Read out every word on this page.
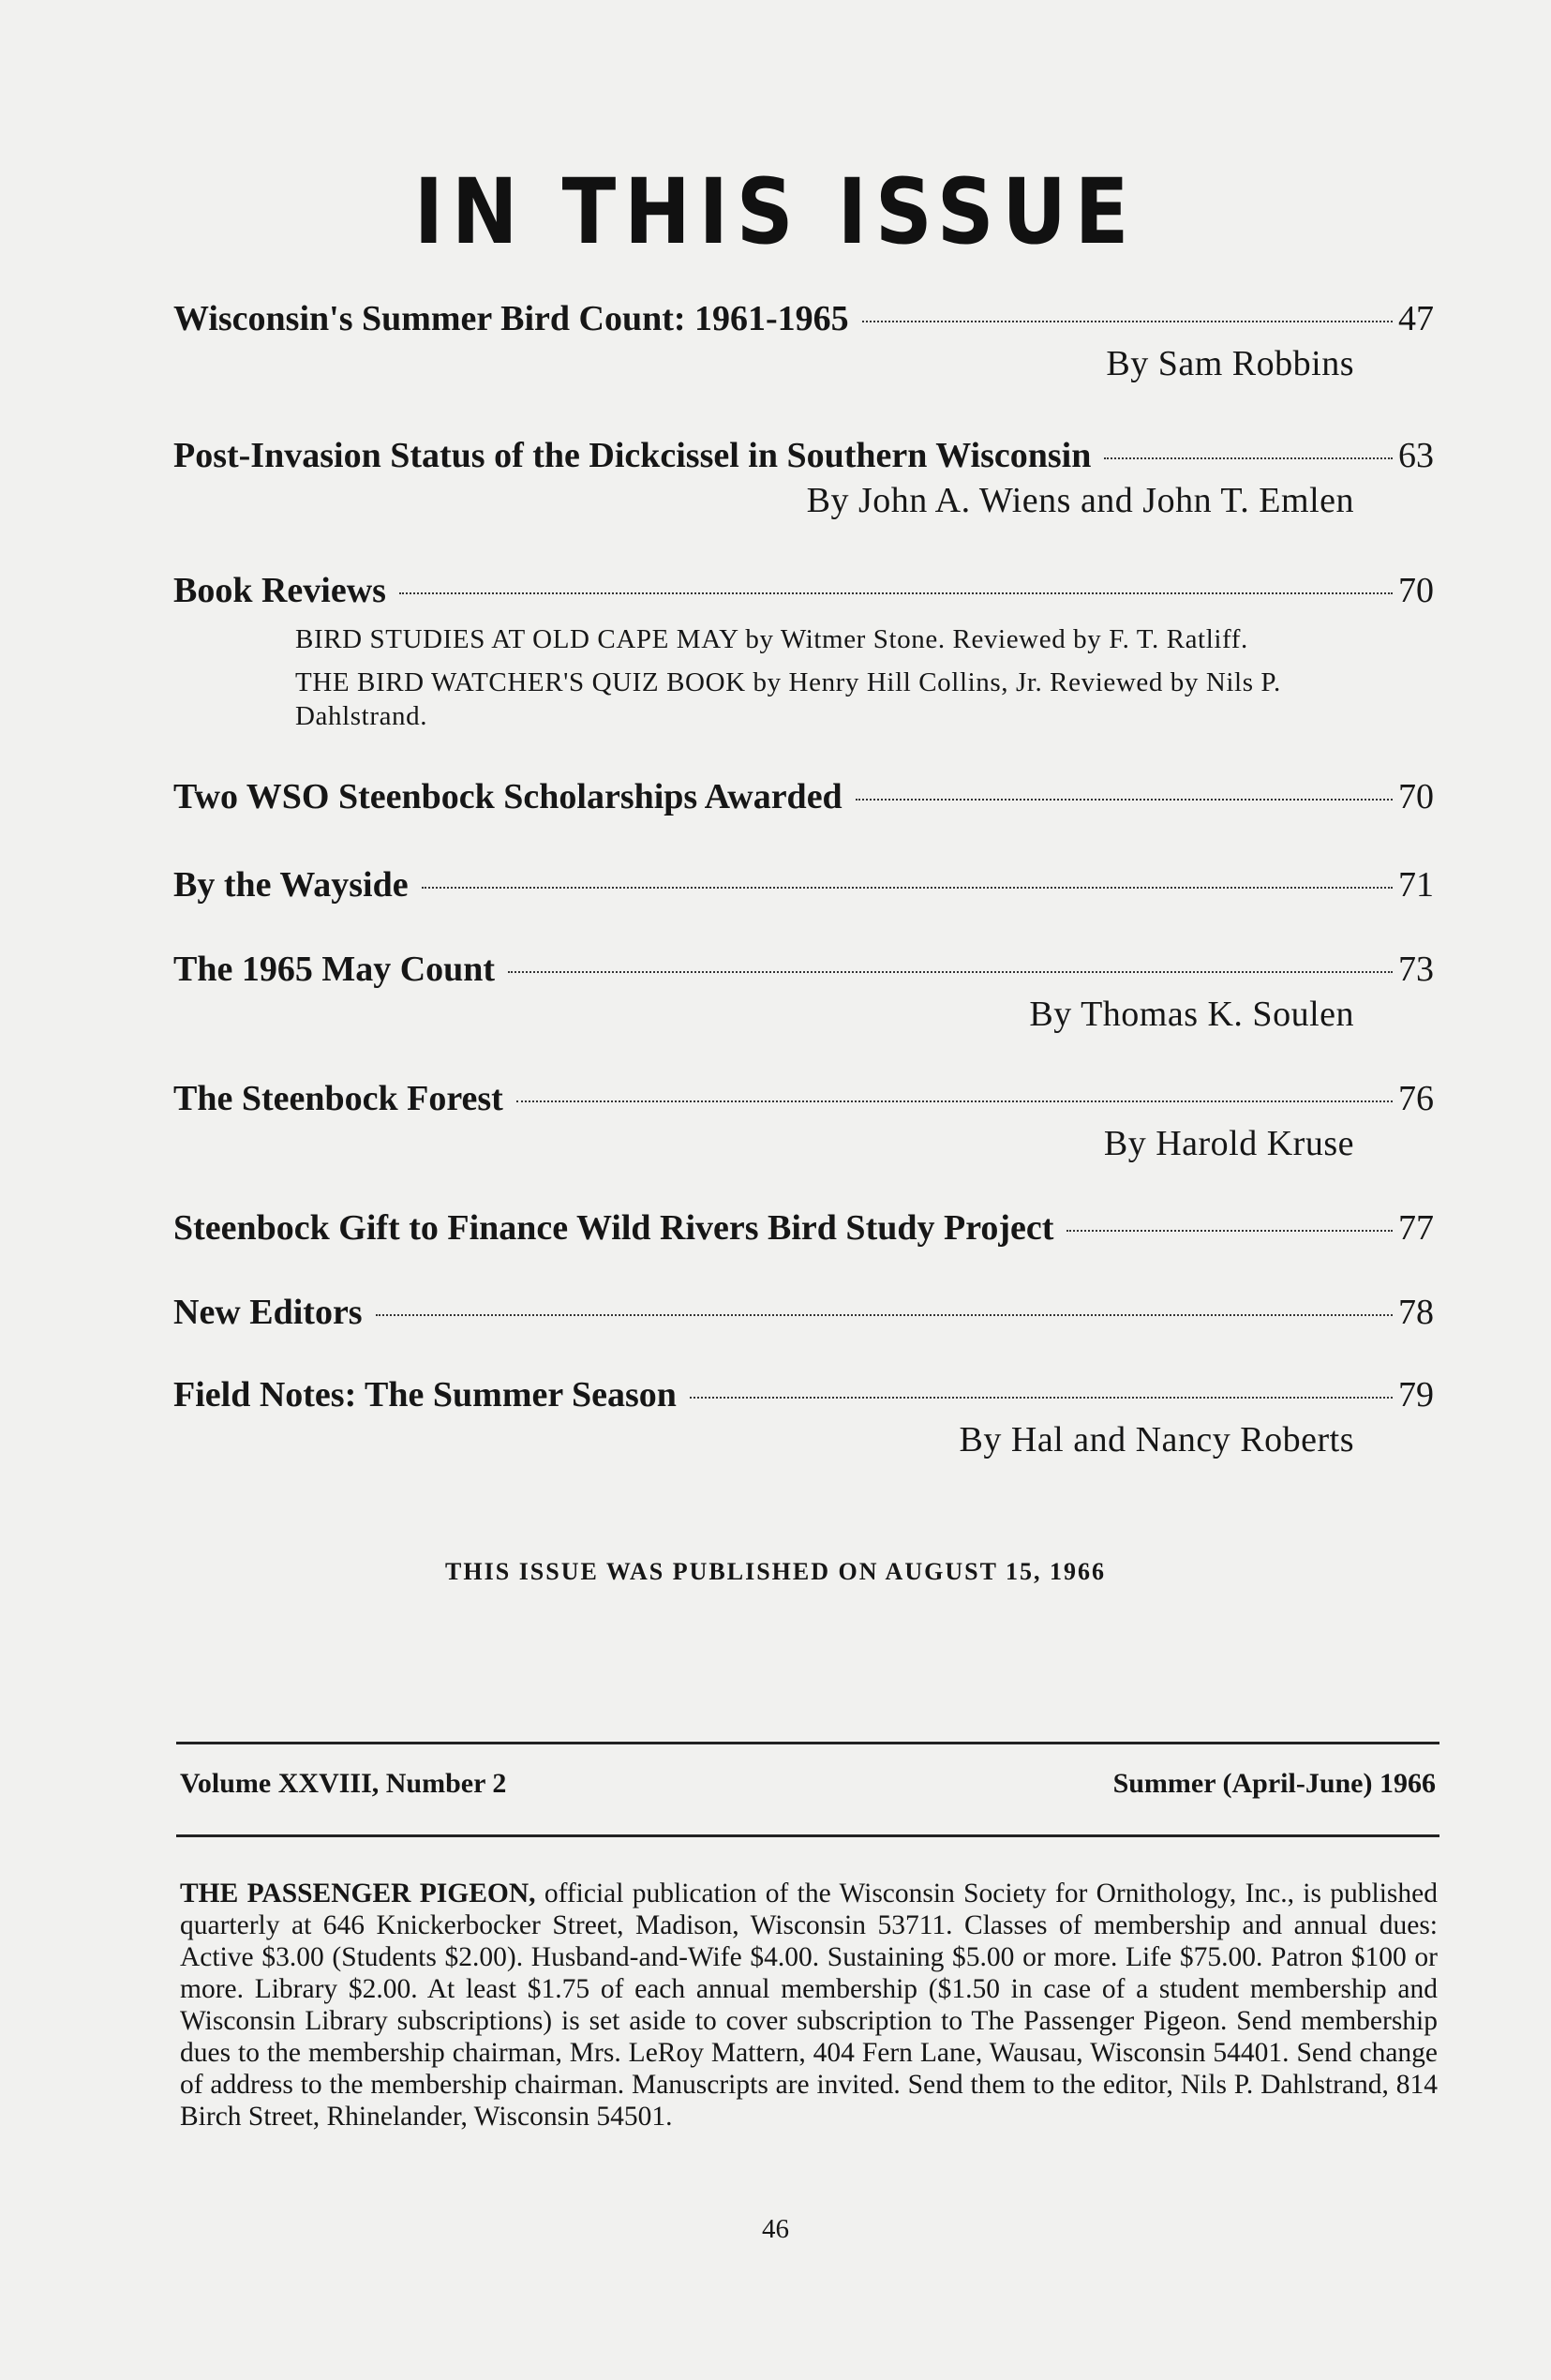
IN THIS ISSUE
Wisconsin's Summer Bird Count: 1961-1965	47
By Sam Robbins
Post-Invasion Status of the Dickcissel in Southern Wisconsin	63
By John A. Wiens and John T. Emlen
Book Reviews	70

BIRD STUDIES AT OLD CAPE MAY by Witmer Stone. Reviewed by F. T. Ratliff.

THE BIRD WATCHER'S QUIZ BOOK by Henry Hill Collins, Jr. Reviewed by Nils P. Dahlstrand.

Two WSO Steenbock Scholarships Awarded	70
By the Wayside	71
The 1965 May Count	73
By Thomas K. Soulen
The Steenbock Forest	76
By Harold Kruse
Steenbock Gift to Finance Wild Rivers Bird Study Project	77
New Editors	78
Field Notes: The Summer Season	79
By Hal and Nancy Roberts
THIS ISSUE WAS PUBLISHED ON AUGUST 15, 1966
Volume XXVIII, Number 2	Summer (April-June) 1966
THE PASSENGER PIGEON, official publication of the Wisconsin Society for Ornithology, Inc., is published quarterly at 646 Knickerbocker Street, Madison, Wisconsin 53711. Classes of membership and annual dues: Active $3.00 (Students $2.00). Husband-and-Wife $4.00. Sustaining $5.00 or more. Life $75.00. Patron $100 or more. Library $2.00. At least $1.75 of each annual membership ($1.50 in case of a student membership and Wisconsin Library subscriptions) is set aside to cover subscription to The Passenger Pigeon. Send membership dues to the membership chairman, Mrs. LeRoy Mattern, 404 Fern Lane, Wausau, Wisconsin 54401. Send change of address to the membership chairman. Manuscripts are invited. Send them to the editor, Nils P. Dahlstrand, 814 Birch Street, Rhinelander, Wisconsin 54501.
46
